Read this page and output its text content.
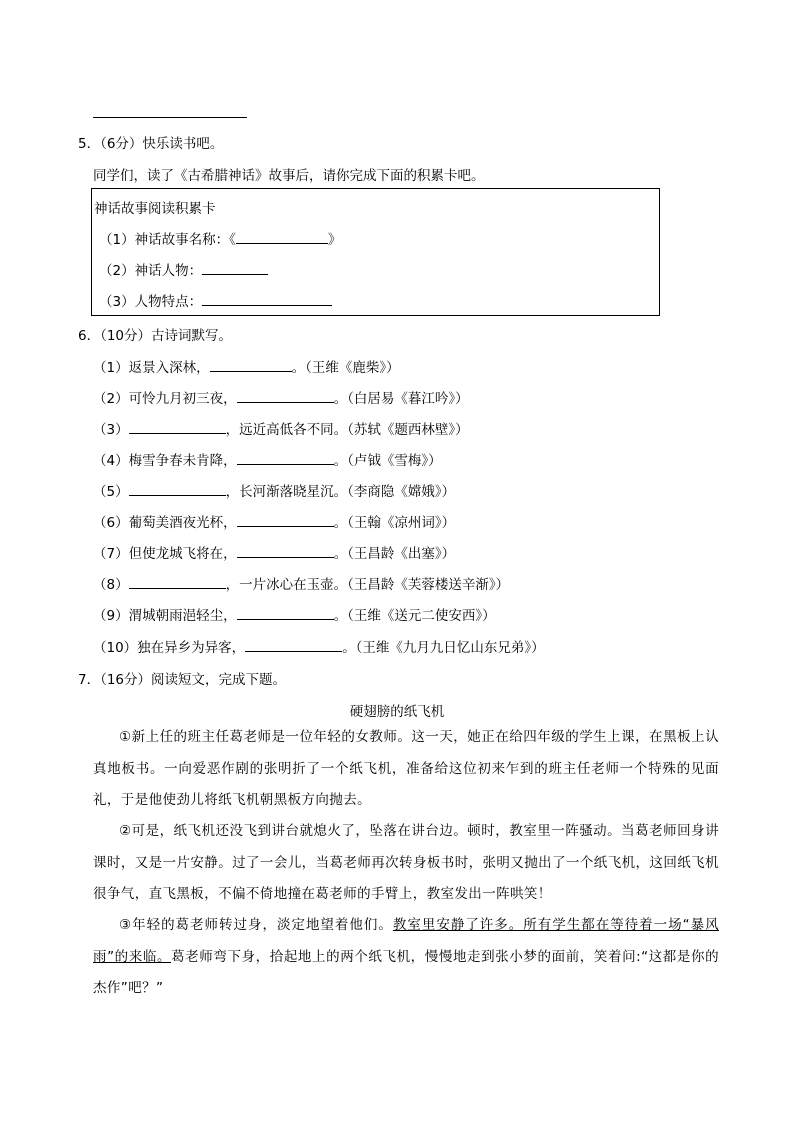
5．（6分）快乐读书吧。
同学们，读了《古希腊神话》故事后，请你完成下面的积累卡吧。
神话故事阅读积累卡
（1）神话故事名称：《	》
（2）神话人物：
（3）人物特点：
6．（10分）古诗词默写。
（1）返景入深林，	。（王维《鹿柴》）
（2）可怜九月初三夜，	。（白居易《暮江吟》）
（3）	，远近高低各不同。（苏轼《题西林壁》）
（4）梅雪争春未肯降，	。（卢钺《雪梅》）
（5）	，长河渐落晓星沉。（李商隐《嫦娥》）
（6）葡萄美酒夜光杯，	。（王翰《凉州词》）
（7）但使龙城飞将在，	。（王昌龄《出塞》）
（8）	，一片冰心在玉壶。（王昌龄《芙蓉楼送辛渐》）
（9）渭城朝雨浥轻尘，	。（王维《送元二使安西》）
（10）独在异乡为异客，	。（王维《九月九日忆山东兄弟》）
7．（16分）阅读短文，完成下题。
硬翅膀的纸飞机
①新上任的班主任葛老师是一位年轻的女教师。这一天，她正在给四年级的学生上课，在黑板上认真地板书。一向爱恶作剧的张明折了一个纸飞机，准备给这位初来乍到的班主任老师一个特殊的见面礼，于是他使劲儿将纸飞机朝黑板方向抛去。
②可是，纸飞机还没飞到讲台就熄火了，坠落在讲台边。顿时，教室里一阵骚动。当葛老师回身讲课时，又是一片安静。过了一会儿，当葛老师再次转身板书时，张明又抛出了一个纸飞机，这回纸飞机很争气，直飞黑板，不偏不倚地撞在葛老师的手臂上，教室发出一阵哄笑！
③年轻的葛老师转过身，淡定地望着他们。教室里安静了许多。所有学生都在等待着一场“暴风雨”的来临。葛老师弯下身，拾起地上的两个纸飞机，慢慢地走到张小梦的面前，笑着问:“这都是你的杰作”吧？”
